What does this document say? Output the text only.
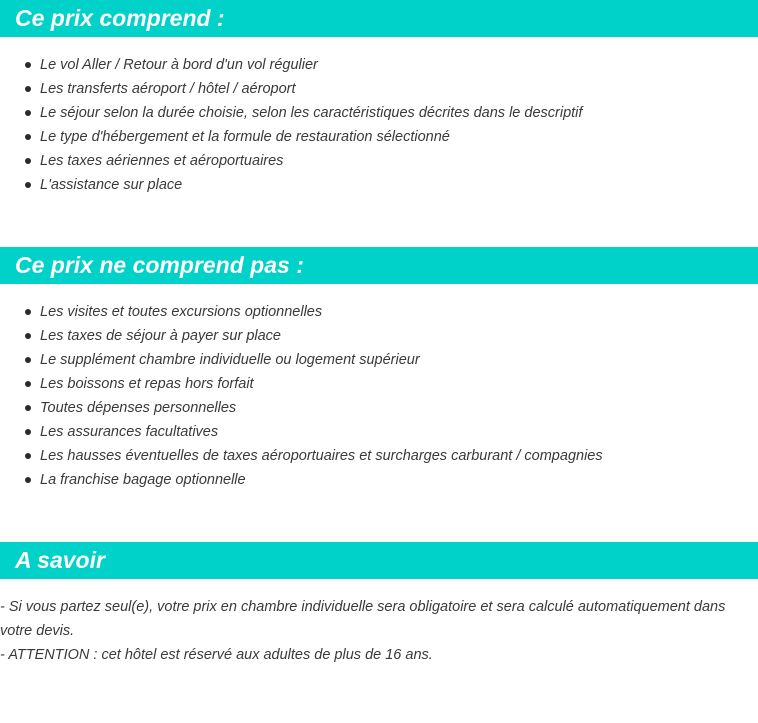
Ce prix comprend :
Le vol Aller / Retour à bord d'un vol régulier
Les transferts aéroport / hôtel / aéroport
Le séjour selon la durée choisie, selon les caractéristiques décrites dans le descriptif
Le type d'hébergement et la formule de restauration sélectionné
Les taxes aériennes et aéroportuaires
L'assistance sur place
Ce prix ne comprend pas :
Les visites et toutes excursions optionnelles
Les taxes de séjour à payer sur place
Le supplément chambre individuelle ou logement supérieur
Les boissons et repas hors forfait
Toutes dépenses personnelles
Les assurances facultatives
Les hausses éventuelles de taxes aéroportuaires et surcharges carburant / compagnies
La franchise bagage optionnelle
A savoir

- Si vous partez seul(e), votre prix en chambre individuelle sera obligatoire et sera calculé automatiquement dans votre devis.

- ATTENTION : cet hôtel est réservé aux adultes de plus de 16 ans.
